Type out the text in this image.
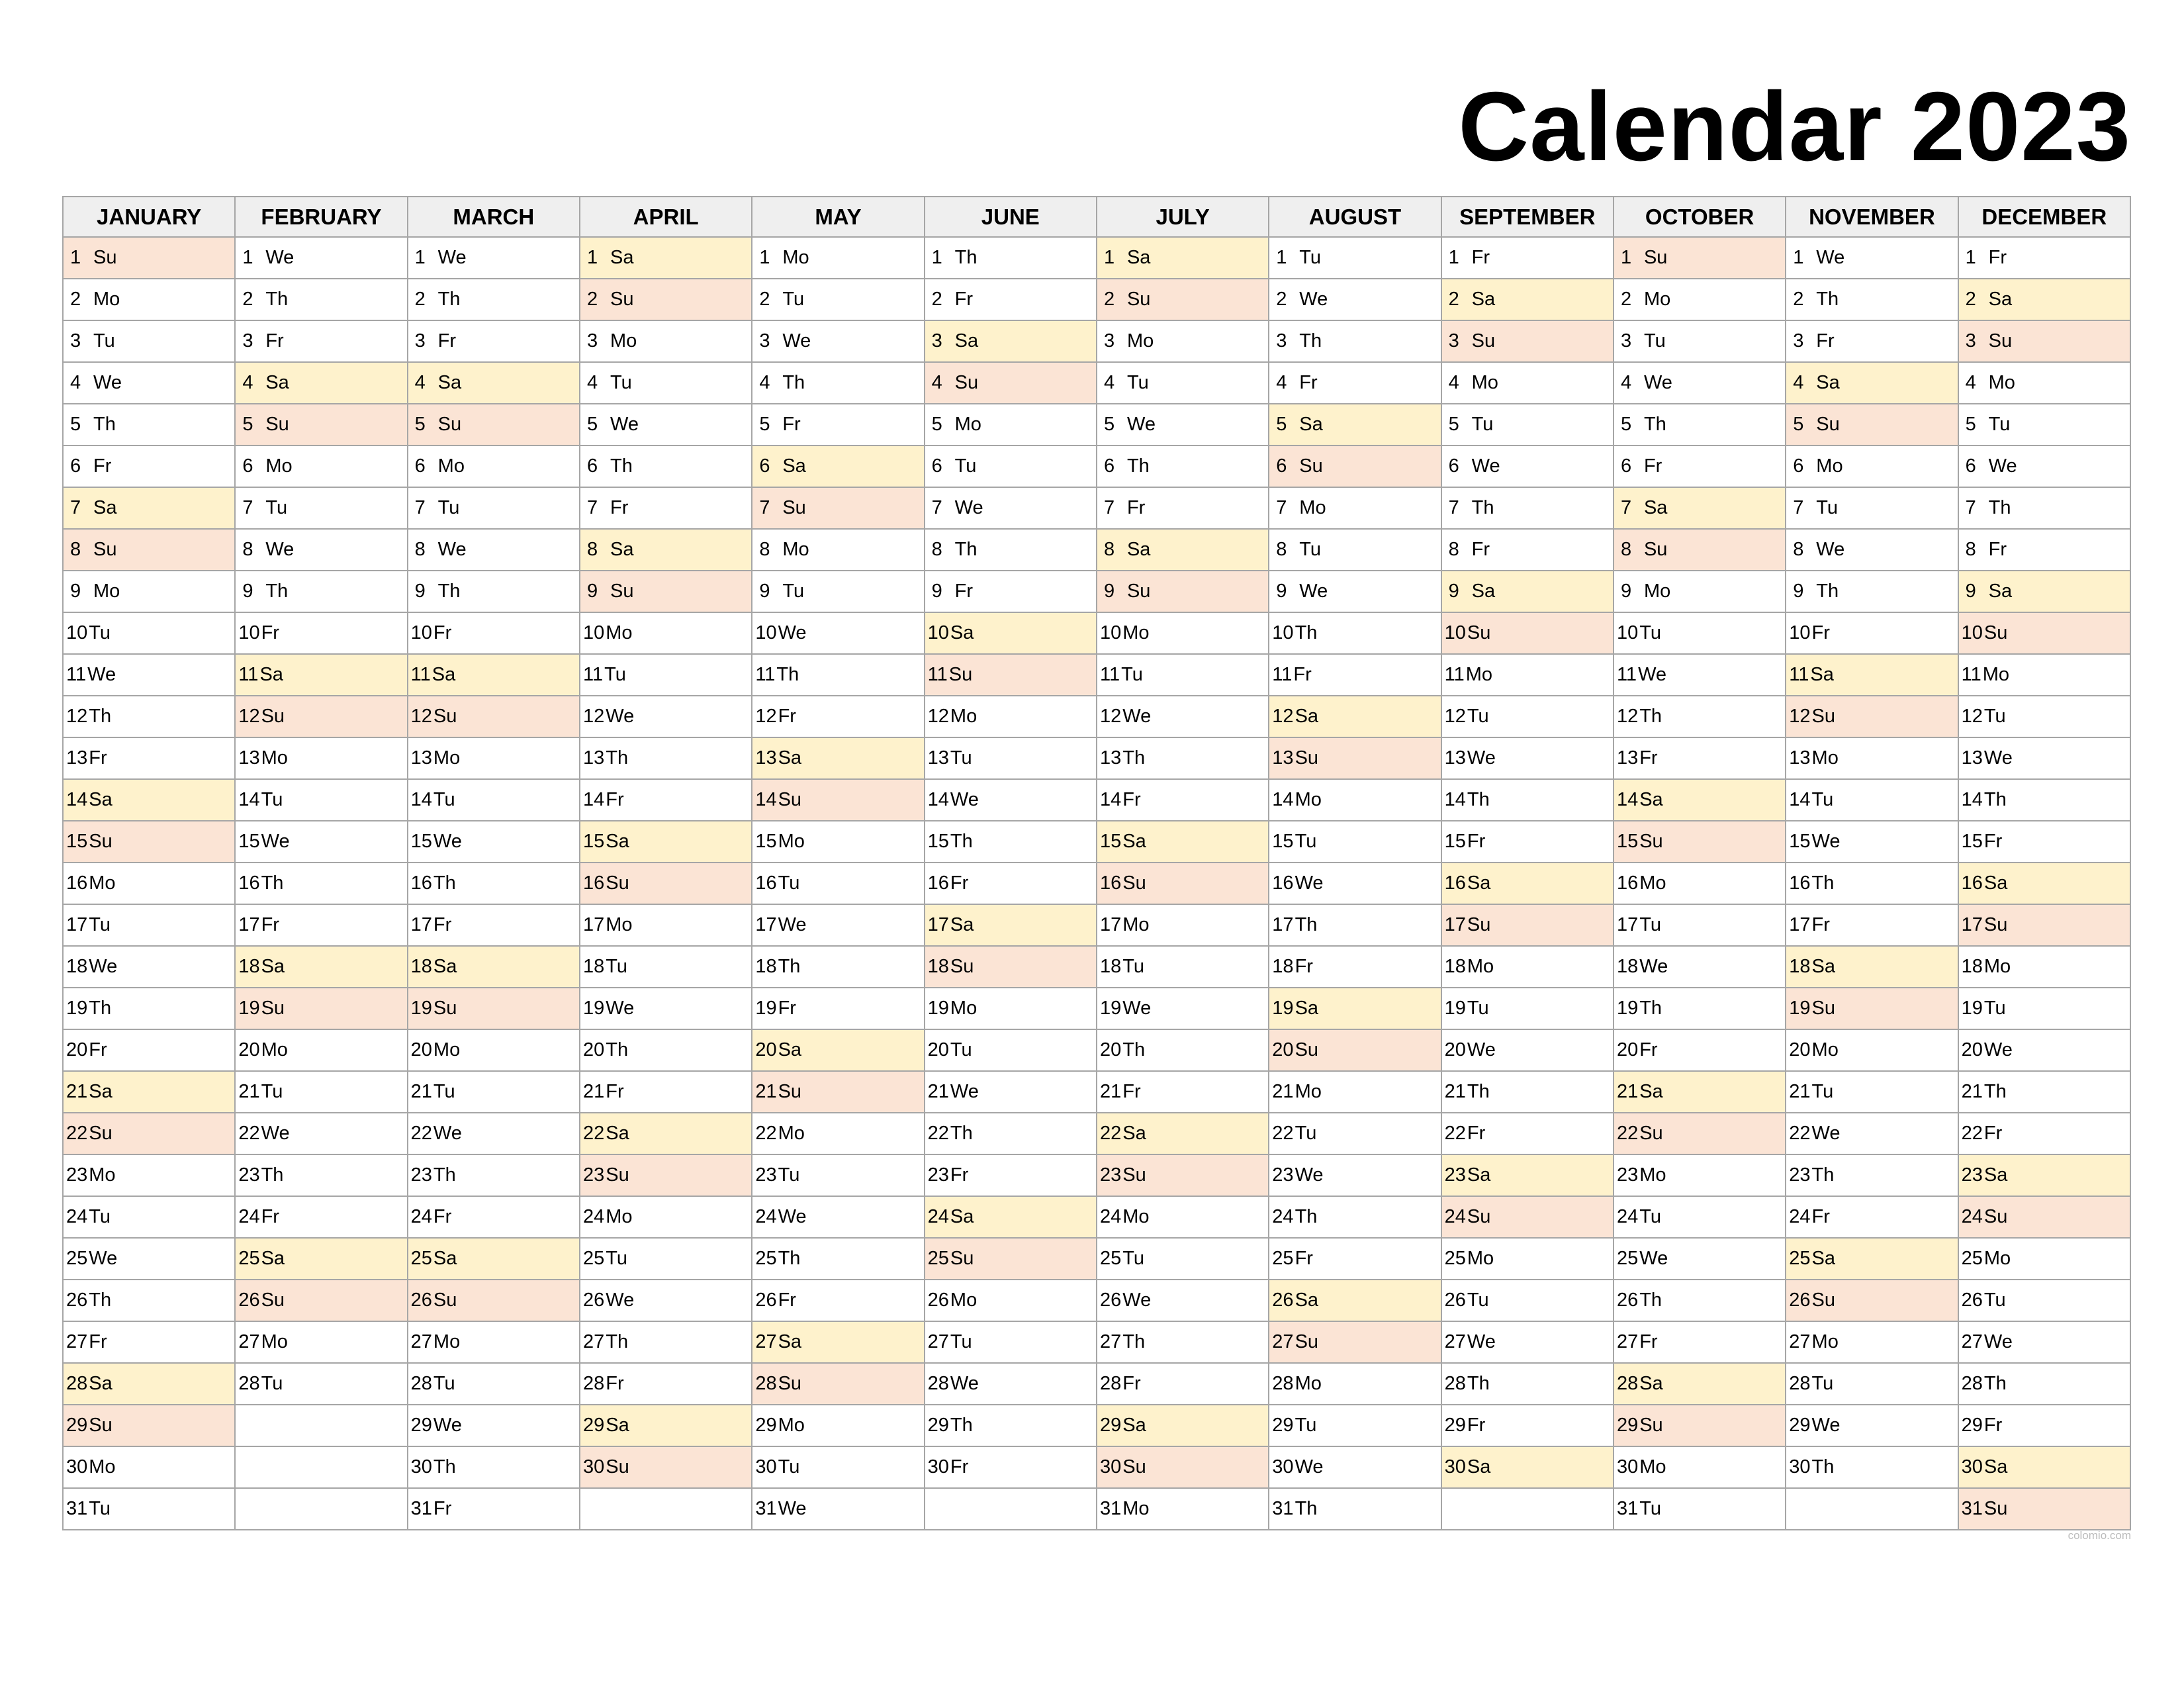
Calendar 2023
JANUARY	FEBRUARY	MARCH	APRIL	MAY	JUNE	JULY	AUGUST	SEPTEMBER	OCTOBER	NOVEMBER	DECEMBER
1 Su	1 We	1 We	1 Sa	1 Mo	1 Th	1 Sa	1 Tu	1 Fr	1 Su	1 We	1 Fr
2 Mo	2 Th	2 Th	2 Su	2 Tu	2 Fr	2 Su	2 We	2 Sa	2 Mo	2 Th	2 Sa
3 Tu	3 Fr	3 Fr	3 Mo	3 We	3 Sa	3 Mo	3 Th	3 Su	3 Tu	3 Fr	3 Su
4 We	4 Sa	4 Sa	4 Tu	4 Th	4 Su	4 Tu	4 Fr	4 Mo	4 We	4 Sa	4 Mo
5 Th	5 Su	5 Su	5 We	5 Fr	5 Mo	5 We	5 Sa	5 Tu	5 Th	5 Su	5 Tu
6 Fr	6 Mo	6 Mo	6 Th	6 Sa	6 Tu	6 Th	6 Su	6 We	6 Fr	6 Mo	6 We
7 Sa	7 Tu	7 Tu	7 Fr	7 Su	7 We	7 Fr	7 Mo	7 Th	7 Sa	7 Tu	7 Th
8 Su	8 We	8 We	8 Sa	8 Mo	8 Th	8 Sa	8 Tu	8 Fr	8 Su	8 We	8 Fr
9 Mo	9 Th	9 Th	9 Su	9 Tu	9 Fr	9 Su	9 We	9 Sa	9 Mo	9 Th	9 Sa
10Tu	10Fr	10Fr	10Mo	10We	10Sa	10Mo	10Th	10Su	10Tu	10Fr	10Su
11We	11Sa	11Sa	11Tu	11Th	11Su	11Tu	11Fr	11Mo	11We	11Sa	11Mo
12Th	12Su	12Su	12We	12Fr	12Mo	12We	12Sa	12Tu	12Th	12Su	12Tu
13Fr	13Mo	13Mo	13Th	13Sa	13Tu	13Th	13Su	13We	13Fr	13Mo	13We
14Sa	14Tu	14Tu	14Fr	14Su	14We	14Fr	14Mo	14Th	14Sa	14Tu	14Th
15Su	15We	15We	15Sa	15Mo	15Th	15Sa	15Tu	15Fr	15Su	15We	15Fr
16Mo	16Th	16Th	16Su	16Tu	16Fr	16Su	16We	16Sa	16Mo	16Th	16Sa
17Tu	17Fr	17Fr	17Mo	17We	17Sa	17Mo	17Th	17Su	17Tu	17Fr	17Su
18We	18Sa	18Sa	18Tu	18Th	18Su	18Tu	18Fr	18Mo	18We	18Sa	18Mo
19Th	19Su	19Su	19We	19Fr	19Mo	19We	19Sa	19Tu	19Th	19Su	19Tu
20Fr	20Mo	20Mo	20Th	20Sa	20Tu	20Th	20Su	20We	20Fr	20Mo	20We
21Sa	21Tu	21Tu	21Fr	21Su	21We	21Fr	21Mo	21Th	21Sa	21Tu	21Th
22Su	22We	22We	22Sa	22Mo	22Th	22Sa	22Tu	22Fr	22Su	22We	22Fr
23Mo	23Th	23Th	23Su	23Tu	23Fr	23Su	23We	23Sa	23Mo	23Th	23Sa
24Tu	24Fr	24Fr	24Mo	24We	24Sa	24Mo	24Th	24Su	24Tu	24Fr	24Su
25We	25Sa	25Sa	25Tu	25Th	25Su	25Tu	25Fr	25Mo	25We	25Sa	25Mo
26Th	26Su	26Su	26We	26Fr	26Mo	26We	26Sa	26Tu	26Th	26Su	26Tu
27Fr	27Mo	27Mo	27Th	27Sa	27Tu	27Th	27Su	27We	27Fr	27Mo	27We
28Sa	28Tu	28Tu	28Fr	28Su	28We	28Fr	28Mo	28Th	28Sa	28Tu	28Th
29Su		29We	29Sa	29Mo	29Th	29Sa	29Tu	29Fr	29Su	29We	29Fr
30Mo		30Th	30Su	30Tu	30Fr	30Su	30We	30Sa	30Mo	30Th	30Sa
31Tu		31Fr		31We		31Mo	31Th		31Tu		31Su
colomio.com
